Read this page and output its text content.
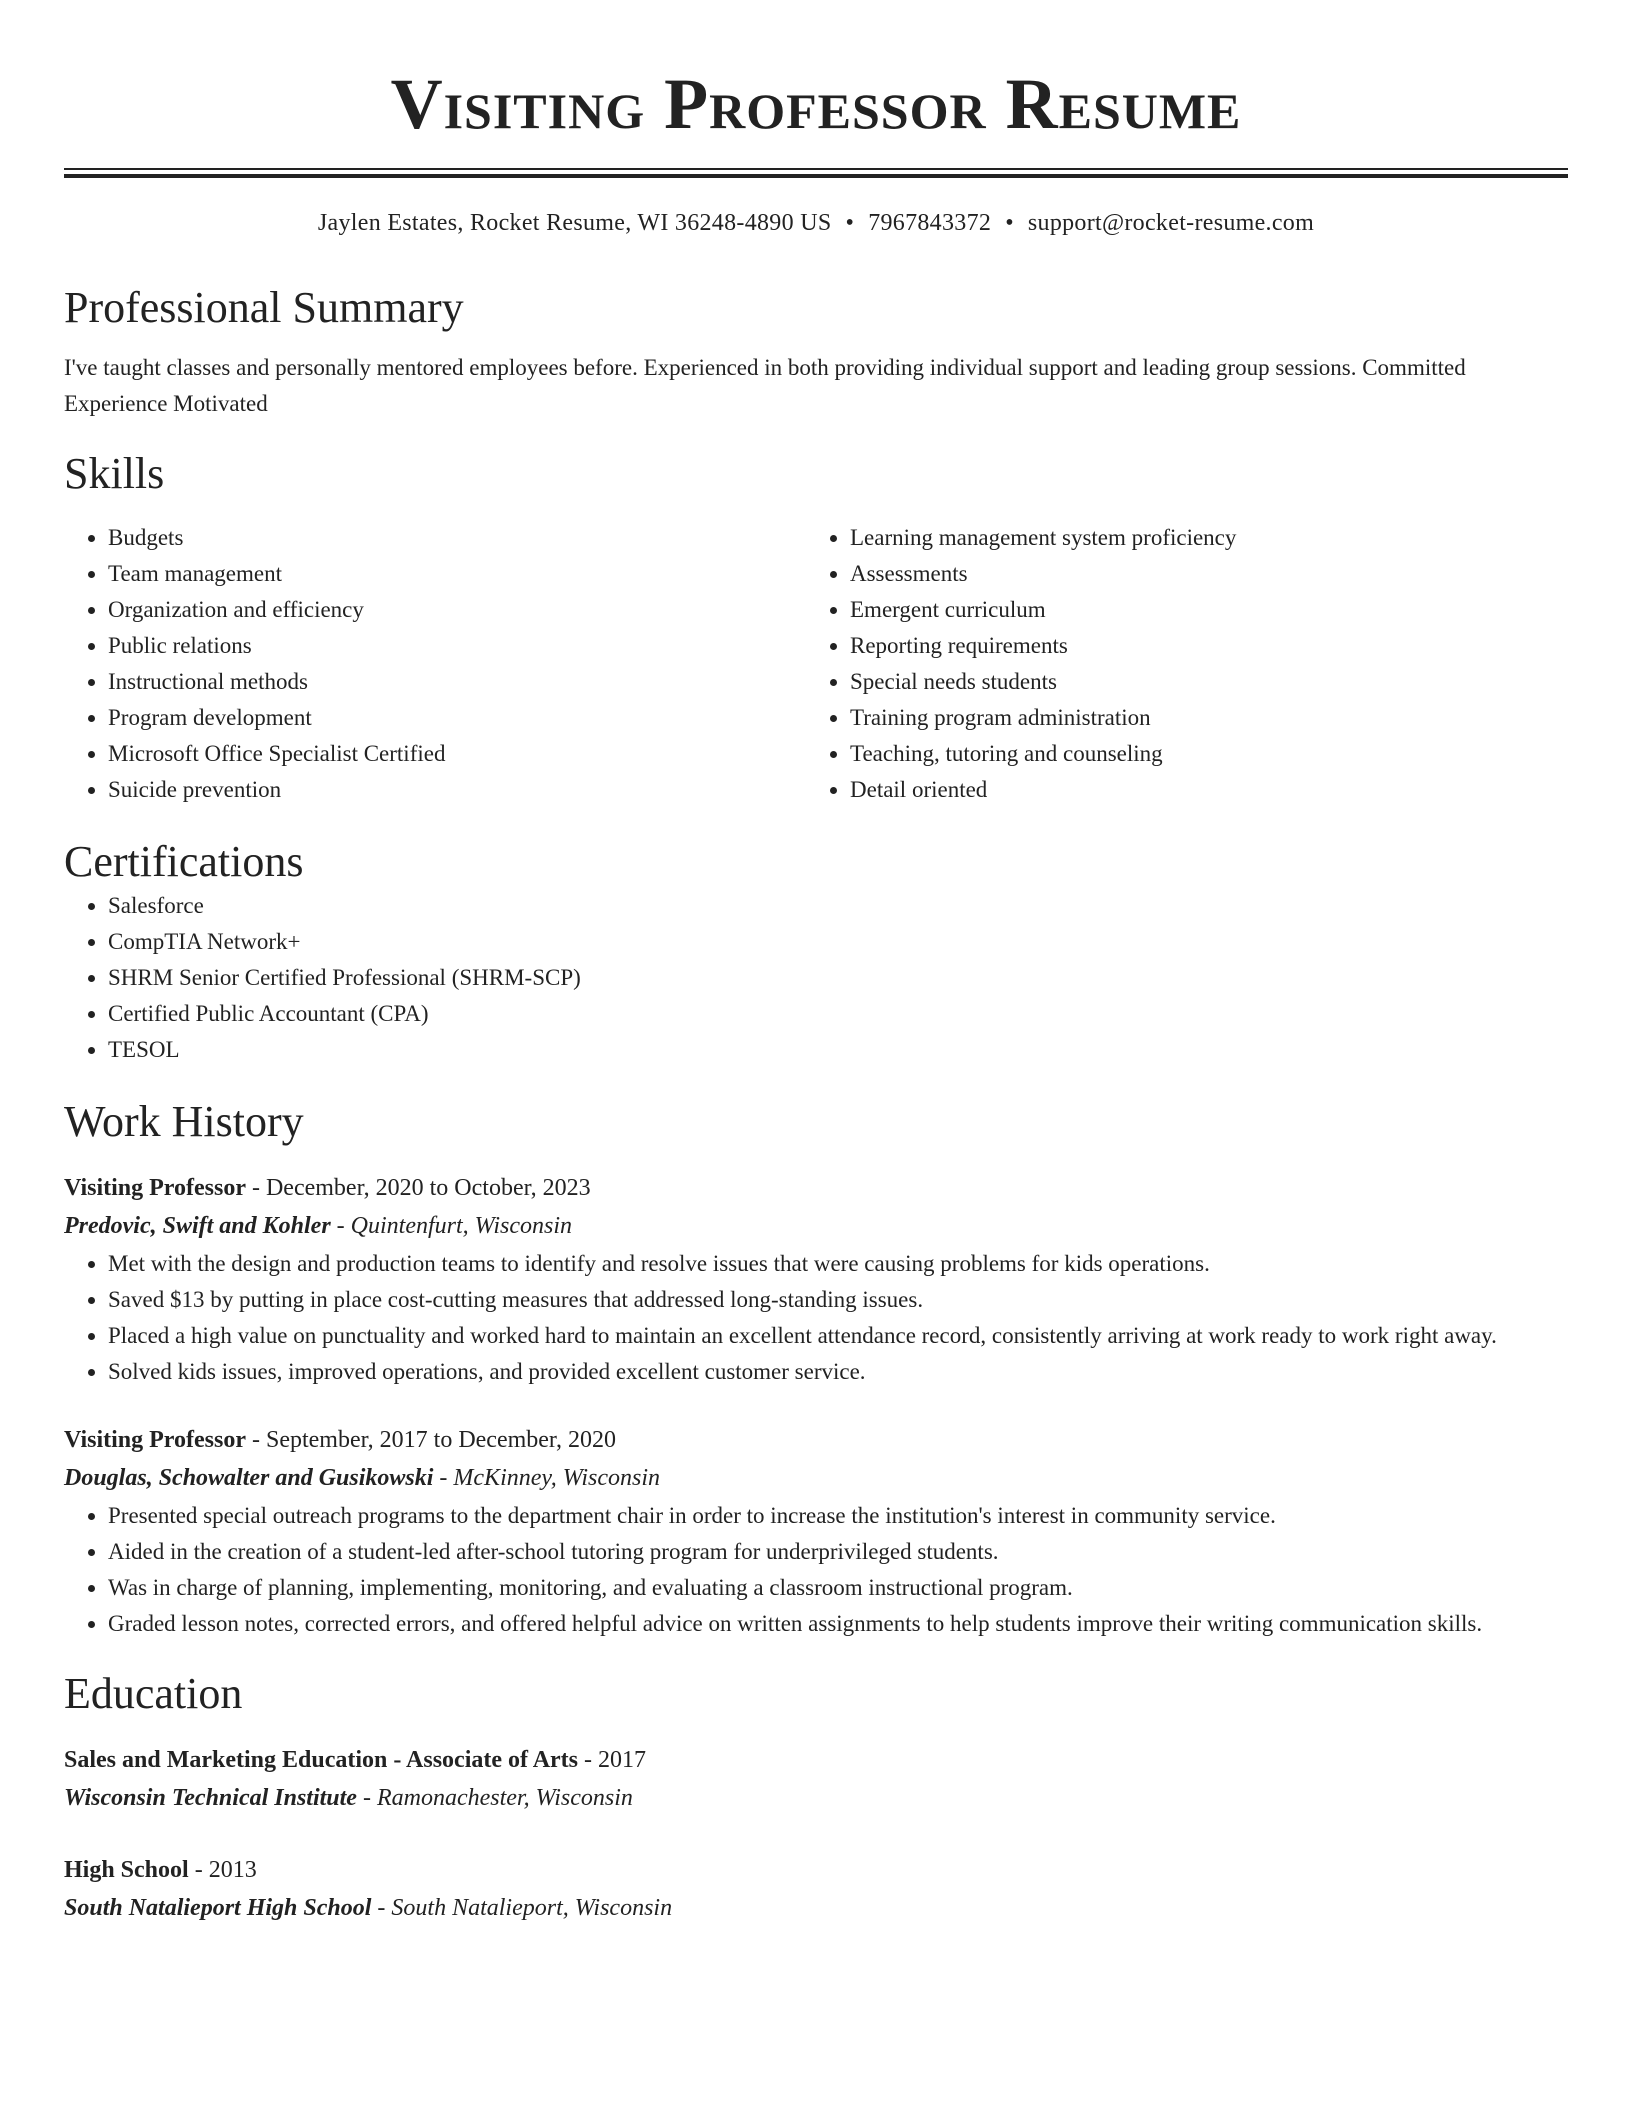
Visiting Professor Resume
Jaylen Estates, Rocket Resume, WI 36248-4890 US • 7967843372 • support@rocket-resume.com
Professional Summary
I've taught classes and personally mentored employees before. Experienced in both providing individual support and leading group sessions. Committed Experience Motivated
Skills
• Budgets
• Team management
• Organization and efficiency
• Public relations
• Instructional methods
• Program development
• Microsoft Office Specialist Certified
• Suicide prevention
• Learning management system proficiency
• Assessments
• Emergent curriculum
• Reporting requirements
• Special needs students
• Training program administration
• Teaching, tutoring and counseling
• Detail oriented
Certifications
• Salesforce
• CompTIA Network+
• SHRM Senior Certified Professional (SHRM-SCP)
• Certified Public Accountant (CPA)
• TESOL
Work History
Visiting Professor - December, 2020 to October, 2023
Predovic, Swift and Kohler - Quintenfurt, Wisconsin
• Met with the design and production teams to identify and resolve issues that were causing problems for kids operations.
• Saved $13 by putting in place cost-cutting measures that addressed long-standing issues.
• Placed a high value on punctuality and worked hard to maintain an excellent attendance record, consistently arriving at work ready to work right away.
• Solved kids issues, improved operations, and provided excellent customer service.
Visiting Professor - September, 2017 to December, 2020
Douglas, Schowalter and Gusikowski - McKinney, Wisconsin
• Presented special outreach programs to the department chair in order to increase the institution's interest in community service.
• Aided in the creation of a student-led after-school tutoring program for underprivileged students.
• Was in charge of planning, implementing, monitoring, and evaluating a classroom instructional program.
• Graded lesson notes, corrected errors, and offered helpful advice on written assignments to help students improve their writing communication skills.
Education
Sales and Marketing Education - Associate of Arts - 2017
Wisconsin Technical Institute - Ramonachester, Wisconsin
High School - 2013
South Natalieport High School - South Natalieport, Wisconsin
